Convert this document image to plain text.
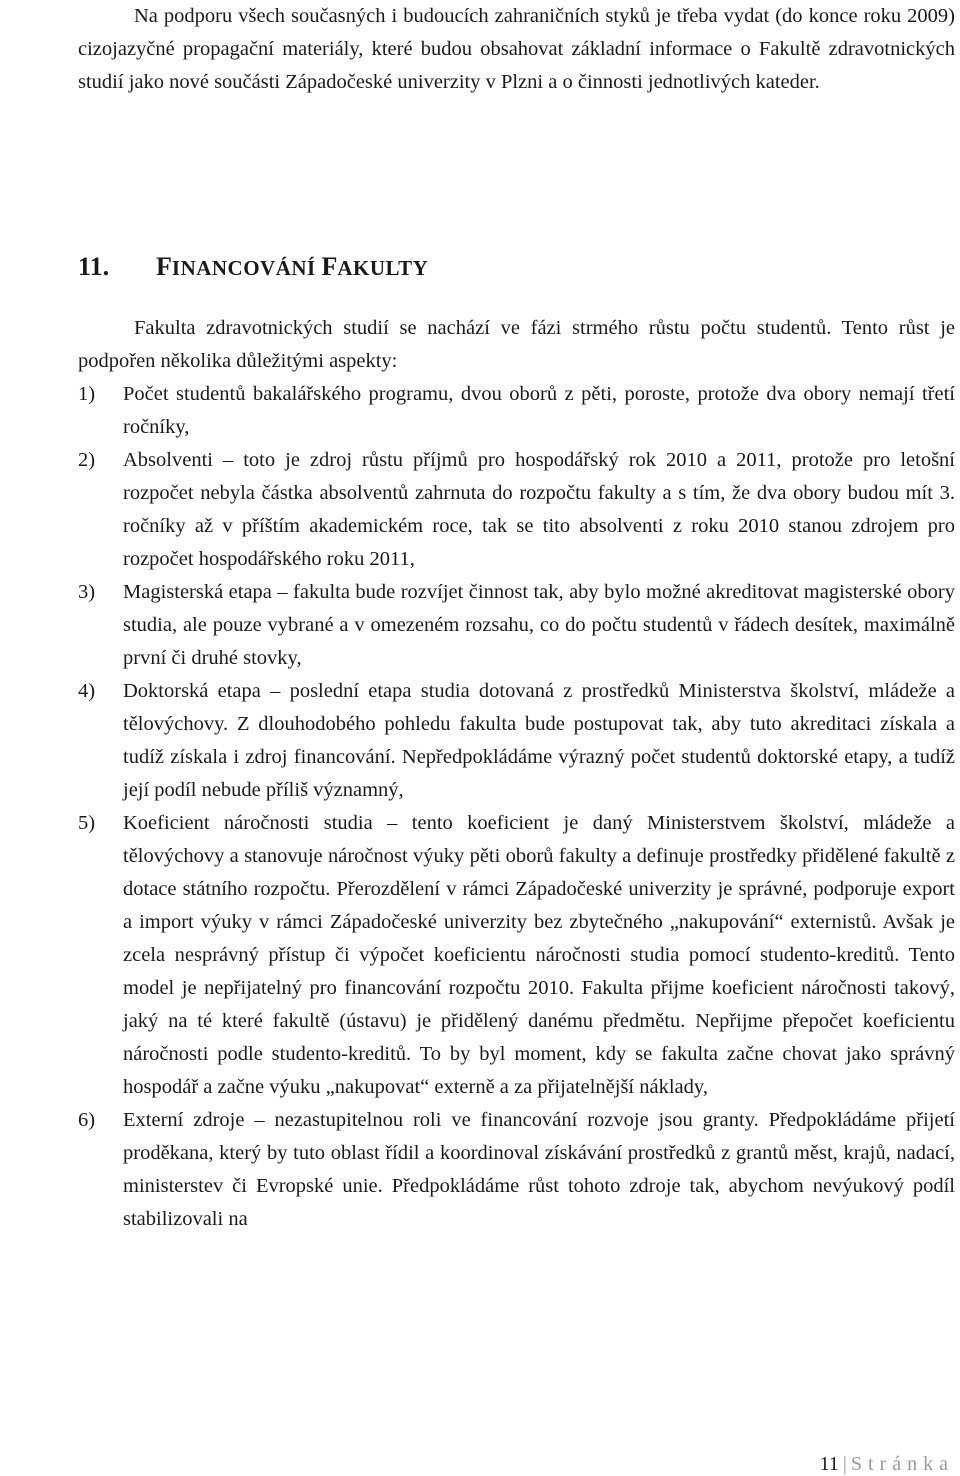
Na podporu všech současných i budoucích zahraničních styků je třeba vydat (do konce roku 2009) cizojazyčné propagační materiály, které budou obsahovat základní informace o Fakultě zdravotnických studií jako nové součásti Západočeské univerzity v Plzni a o činnosti jednotlivých kateder.

11. FINANCOVÁNÍ FAKULTY

Fakulta zdravotnických studií se nachází ve fázi strmého růstu počtu studentů. Tento růst je podpořen několika důležitými aspekty:

1) Počet studentů bakalářského programu, dvou oborů z pěti, poroste, protože dva obory nemají třetí ročníky,
2) Absolventi – toto je zdroj růstu příjmů pro hospodářský rok 2010 a 2011, protože pro letošní rozpočet nebyla částka absolventů zahrnuta do rozpočtu fakulty a s tím, že dva obory budou mít 3. ročníky až v příštím akademickém roce, tak se tito absolventi z roku 2010 stanou zdrojem pro rozpočet hospodářského roku 2011,
3) Magisterská etapa – fakulta bude rozvíjet činnost tak, aby bylo možné akreditovat magisterské obory studia, ale pouze vybrané a v omezeném rozsahu, co do počtu studentů v řádech desítek, maximálně první či druhé stovky,
4) Doktorská etapa – poslední etapa studia dotovaná z prostředků Ministerstva školství, mládeže a tělovýchovy. Z dlouhodobého pohledu fakulta bude postupovat tak, aby tuto akreditaci získala a tudíž získala i zdroj financování. Nepředpokládáme výrazný počet studentů doktorské etapy, a tudíž její podíl nebude příliš významný,
5) Koeficient náročnosti studia – tento koeficient je daný Ministerstvem školství, mládeže a tělovýchovy a stanovuje náročnost výuky pěti oborů fakulty a definuje prostředky přidělené fakultě z dotace státního rozpočtu. Přerozdělení v rámci Západočeské univerzity je správné, podporuje export a import výuky v rámci Západočeské univerzity bez zbytečného „nakupování“ externistů. Avšak je zcela nesprávný přístup či výpočet koeficientu náročnosti studia pomocí studento-kreditů. Tento model je nepřijatelný pro financování rozpočtu 2010. Fakulta přijme koeficient náročnosti takový, jaký na té které fakultě (ústavu) je přidělený danému předmětu. Nepřijme přepočet koeficientu náročnosti podle studento-kreditů. To by byl moment, kdy se fakulta začne chovat jako správný hospodář a začne výuku „nakupovat“ externě a za přijatelnější náklady,
6) Externí zdroje – nezastupitelnou roli ve financování rozvoje jsou granty. Předpokládáme přijetí proděkana, který by tuto oblast řídil a koordinoval získávání prostředků z grantů měst, krajů, nadací, ministerstev či Evropské unie. Předpokládáme růst tohoto zdroje tak, abychom nevýukový podíl stabilizovali na
11 | Stránka
